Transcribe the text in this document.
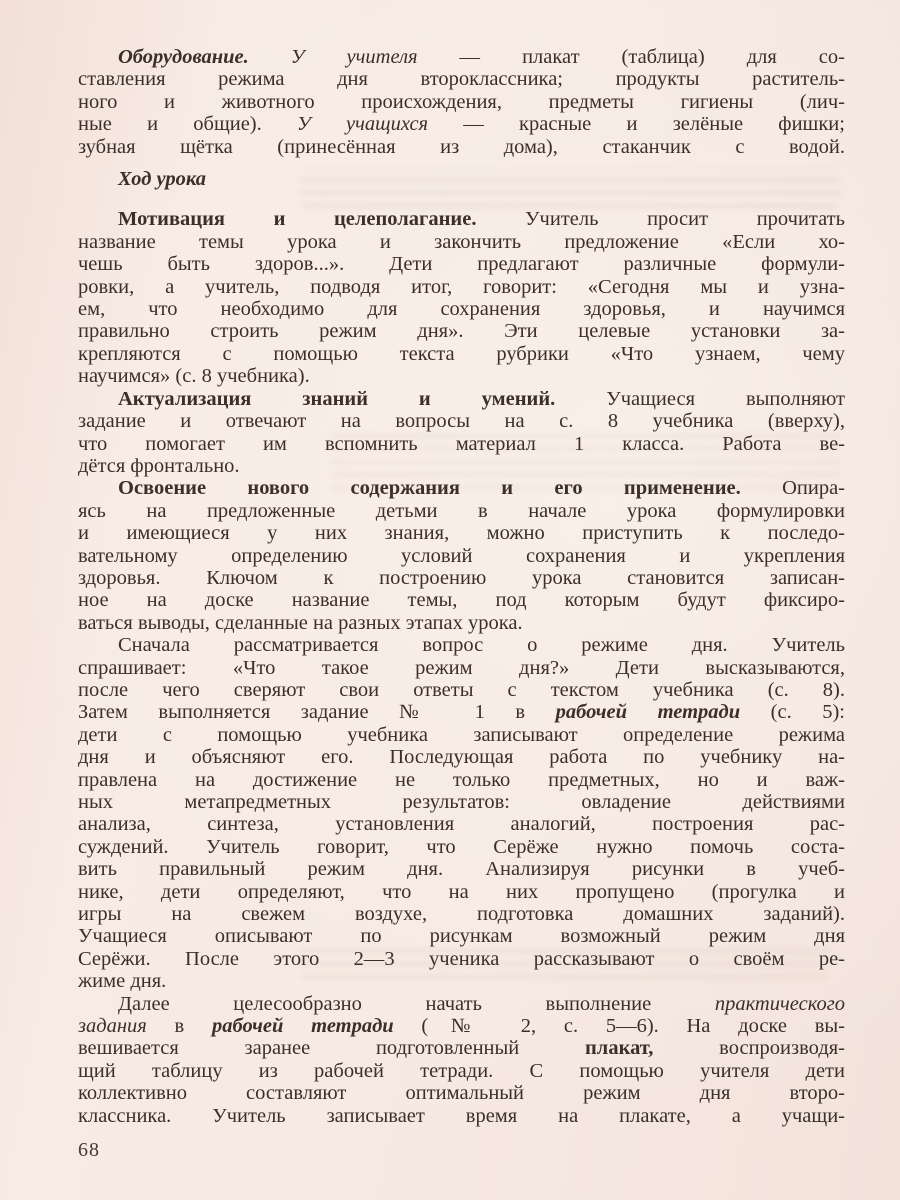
Оборудование. У учителя — плакат (таблица) для со-
ставления режима дня второклассника; продукты раститель-
ного и животного происхождения, предметы гигиены (лич-
ные и общие). У учащихся — красные и зелёные фишки;
зубная щётка (принесённая из дома), стаканчик с водой.
Ход урока
Мотивация и целеполагание. Учитель просит прочитать
название темы урока и закончить предложение «Если хо-
чешь быть здоров...». Дети предлагают различные формули-
ровки, а учитель, подводя итог, говорит: «Сегодня мы и узна-
ем, что необходимо для сохранения здоровья, и научимся
правильно строить режим дня». Эти целевые установки за-
крепляются с помощью текста рубрики «Что узнаем, чему
научимся» (с. 8 учебника).
Актуализация знаний и умений. Учащиеся выполняют
задание и отвечают на вопросы на с. 8 учебника (вверху),
что помогает им вспомнить материал 1 класса. Работа ве-
дётся фронтально.
Освоение нового содержания и его применение. Опира-
ясь на предложенные детьми в начале урока формулировки
и имеющиеся у них знания, можно приступить к последо-
вательному определению условий сохранения и укрепления
здоровья. Ключом к построению урока становится записан-
ное на доске название темы, под которым будут фиксиро-
ваться выводы, сделанные на разных этапах урока.
Сначала рассматривается вопрос о режиме дня. Учитель
спрашивает: «Что такое режим дня?» Дети высказываются,
после чего сверяют свои ответы с текстом учебника (с. 8).
Затем выполняется задание № 1 в рабочей тетради (с. 5):
дети с помощью учебника записывают определение режима
дня и объясняют его. Последующая работа по учебнику на-
правлена на достижение не только предметных, но и важ-
ных метапредметных результатов: овладение действиями
анализа, синтеза, установления аналогий, построения рас-
суждений. Учитель говорит, что Серёже нужно помочь соста-
вить правильный режим дня. Анализируя рисунки в учеб-
нике, дети определяют, что на них пропущено (прогулка и
игры на свежем воздухе, подготовка домашних заданий).
Учащиеся описывают по рисункам возможный режим дня
Серёжи. После этого 2—3 ученика рассказывают о своём ре-
жиме дня.
Далее целесообразно начать выполнение практического
задания в рабочей тетради (№ 2, с. 5—6). На доске вы-
вешивается заранее подготовленный плакат, воспроизводя-
щий таблицу из рабочей тетради. С помощью учителя дети
коллективно составляют оптимальный режим дня второ-
классника. Учитель записывает время на плакате, а учащи-
68
